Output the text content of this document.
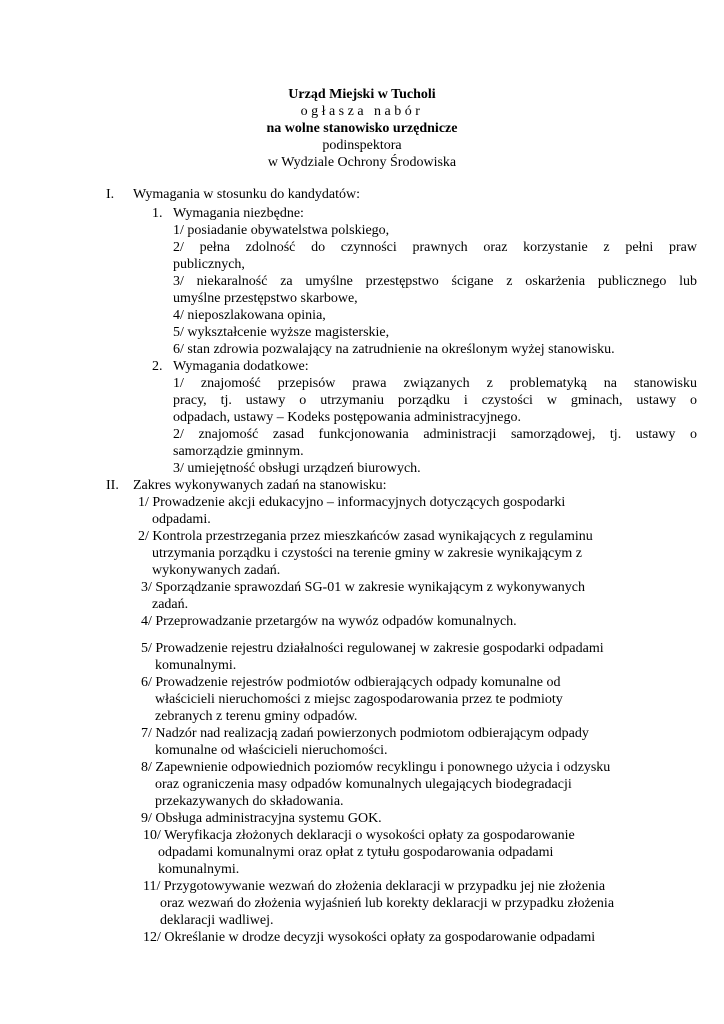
Urząd Miejski w Tucholi
ogłasza nabór
na wolne stanowisko urzędnicze
podinspektora
w Wydziale Ochrony Środowiska
I. Wymagania w stosunku do kandydatów:
1. Wymagania niezbędne:
1/ posiadanie obywatelstwa polskiego,
2/ pełna zdolność do czynności prawnych oraz korzystanie z pełni praw
publicznych,
3/ niekaralność za umyślne przestępstwo ścigane z oskarżenia publicznego lub
umyślne przestępstwo skarbowe,
4/ nieposzlakowana opinia,
5/ wykształcenie wyższe magisterskie,
6/ stan zdrowia pozwalający na zatrudnienie na określonym wyżej stanowisku.
2. Wymagania dodatkowe:
1/ znajomość przepisów prawa związanych z problematyką na stanowisku
pracy, tj. ustawy o utrzymaniu porządku i czystości w gminach, ustawy o
odpadach, ustawy – Kodeks postępowania administracyjnego.
2/ znajomość zasad funkcjonowania administracji samorządowej, tj. ustawy o
samorządzie gminnym.
3/ umiejętność obsługi urządzeń biurowych.
II. Zakres wykonywanych zadań na stanowisku:
1/ Prowadzenie akcji edukacyjno – informacyjnych dotyczących gospodarki
odpadami.
2/ Kontrola przestrzegania przez mieszkańców zasad wynikających z regulaminu
utrzymania porządku i czystości na terenie gminy w zakresie wynikającym z
wykonywanych zadań.
3/ Sporządzanie sprawozdań SG-01 w zakresie wynikającym z wykonywanych
zadań.
4/ Przeprowadzanie przetargów na wywóz odpadów komunalnych.
5/ Prowadzenie rejestru działalności regulowanej w zakresie gospodarki odpadami
komunalnymi.
6/ Prowadzenie rejestrów podmiotów odbierających odpady komunalne od
właścicieli nieruchomości z miejsc zagospodarowania przez te podmioty
zebranych z terenu gminy odpadów.
7/ Nadzór nad realizacją zadań powierzonych podmiotom odbierającym odpady
komunalne od właścicieli nieruchomości.
8/ Zapewnienie odpowiednich poziomów recyklingu i ponownego użycia i odzysku
oraz ograniczenia masy odpadów komunalnych ulegających biodegradacji
przekazywanych do składowania.
9/ Obsługa administracyjna systemu GOK.
10/ Weryfikacja złożonych deklaracji o wysokości opłaty za gospodarowanie
odpadami komunalnymi oraz opłat z tytułu gospodarowania odpadami
komunalnymi.
11/ Przygotowywanie wezwań do złożenia deklaracji w przypadku jej nie złożenia
oraz wezwań do złożenia wyjaśnień lub korekty deklaracji w przypadku złożenia
deklaracji wadliwej.
12/ Określanie w drodze decyzji wysokości opłaty za gospodarowanie odpadami
